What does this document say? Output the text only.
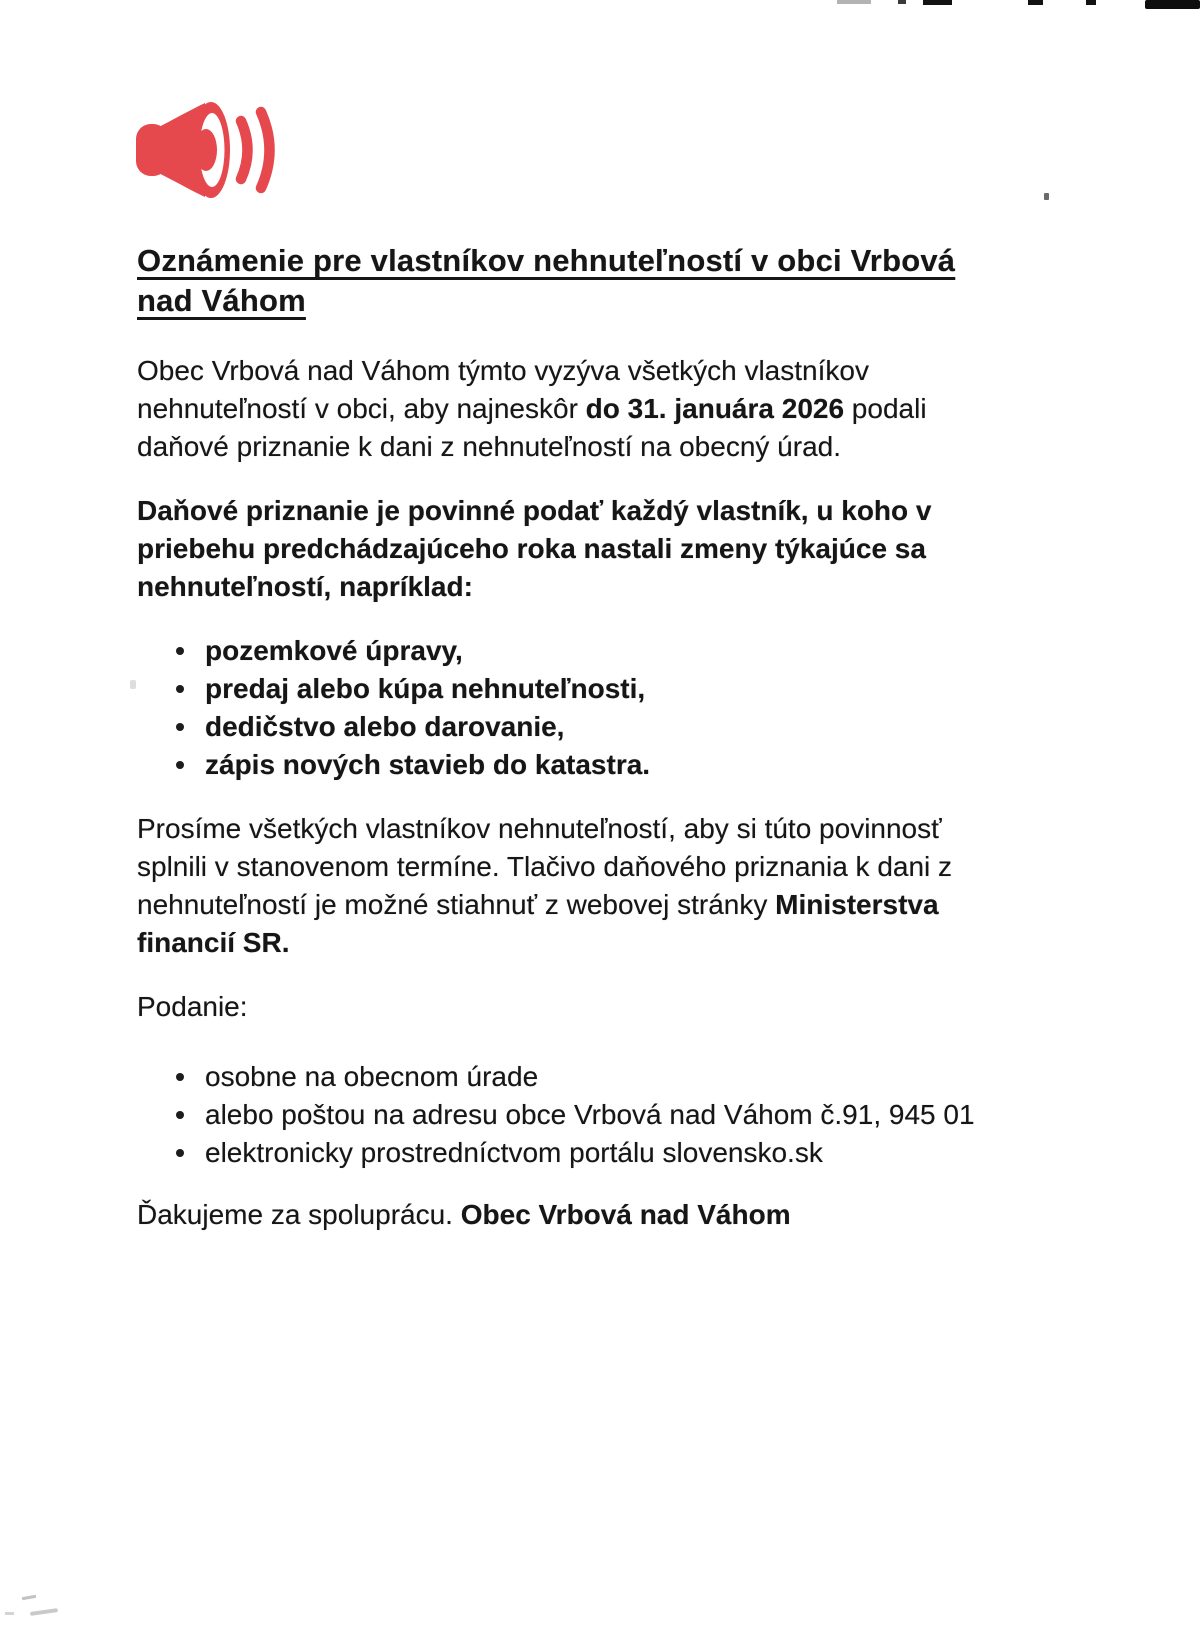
Oznámenie pre vlastníkov nehnuteľností v obci Vrbová
nad Váhom
Obec Vrbová nad Váhom týmto vyzýva všetkých vlastníkov
nehnuteľností v obci, aby najneskôr do 31. januára 2026 podali
daňové priznanie k dani z nehnuteľností na obecný úrad.
Daňové priznanie je povinné podať každý vlastník, u koho v
priebehu predchádzajúceho roka nastali zmeny týkajúce sa
nehnuteľností, napríklad:
pozemkové úpravy,
predaj alebo kúpa nehnuteľnosti,
dedičstvo alebo darovanie,
zápis nových stavieb do katastra.
Prosíme všetkých vlastníkov nehnuteľností, aby si túto povinnosť
splnili v stanovenom termíne. Tlačivo daňového priznania k dani z
nehnuteľností je možné stiahnuť z webovej stránky Ministerstva
financií SR.
Podanie:
osobne na obecnom úrade
alebo poštou na adresu obce Vrbová nad Váhom č.91, 945 01
elektronicky prostredníctvom portálu slovensko.sk
Ďakujeme za spoluprácu. Obec Vrbová nad Váhom
